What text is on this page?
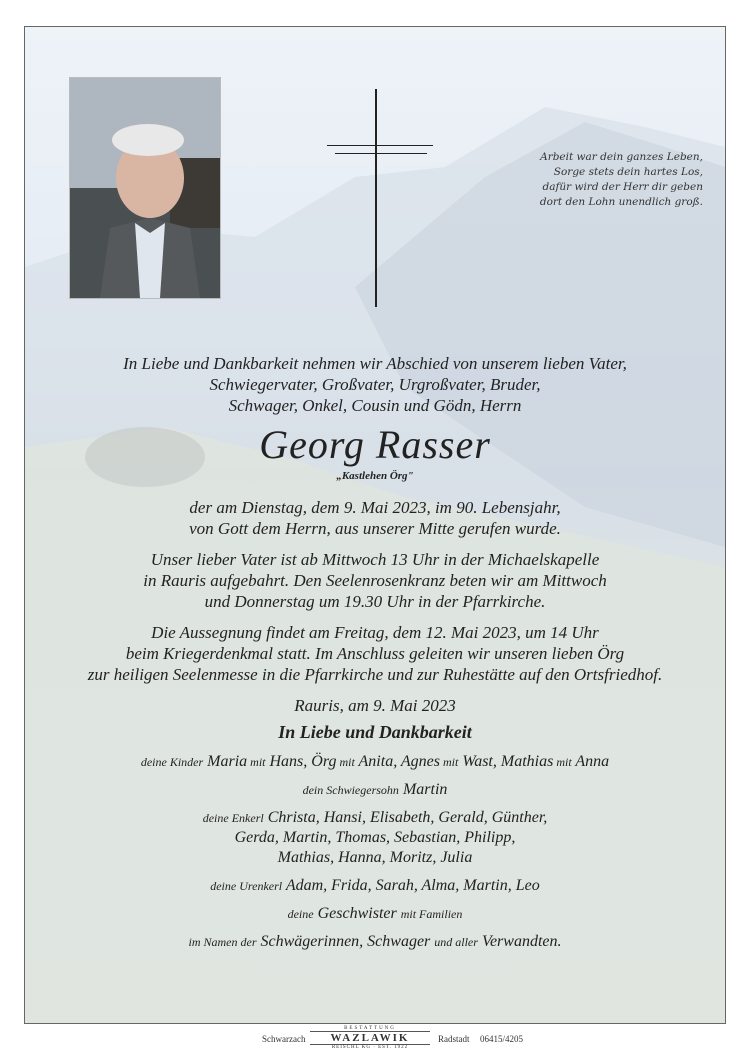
Arbeit war dein ganzes Leben,
Sorge stets dein hartes Los,
dafür wird der Herr dir geben
dort den Lohn unendlich groß.
In Liebe und Dankbarkeit nehmen wir Abschied von unserem lieben Vater,
Schwiegervater, Großvater, Urgroßvater, Bruder,
Schwager, Onkel, Cousin und Gödn, Herrn
Georg Rasser
„Kastlehen Örg"
der am Dienstag, dem 9. Mai 2023, im 90. Lebensjahr,
von Gott dem Herrn, aus unserer Mitte gerufen wurde.
Unser lieber Vater ist ab Mittwoch 13 Uhr in der Michaelskapelle
in Rauris aufgebahrt. Den Seelenrosenkranz beten wir am Mittwoch
und Donnerstag um 19.30 Uhr in der Pfarrkirche.
Die Aussegnung findet am Freitag, dem 12. Mai 2023, um 14 Uhr
beim Kriegerdenkmal statt. Im Anschluss geleiten wir unseren lieben Örg
zur heiligen Seelenmesse in die Pfarrkirche und zur Ruhestätte auf den Ortsfriedhof.
Rauris, am 9. Mai 2023
In Liebe und Dankbarkeit
deine Kinder Maria mit Hans, Örg mit Anita, Agnes mit Wast, Mathias mit Anna
dein Schwiegersohn Martin
deine Enkerl Christa, Hansi, Elisabeth, Gerald, Günther,
Gerda, Martin, Thomas, Sebastian, Philipp,
Mathias, Hanna, Moritz, Julia
deine Urenkerl Adam, Frida, Sarah, Alma, Martin, Leo
deine Geschwister mit Familien
im Namen der Schwägerinnen, Schwager und aller Verwandten.
Schwarzach
BESTATTUNG
WAZLAWIK
REISCHL KG · EST. 1922
Radstadt 06415/4205
